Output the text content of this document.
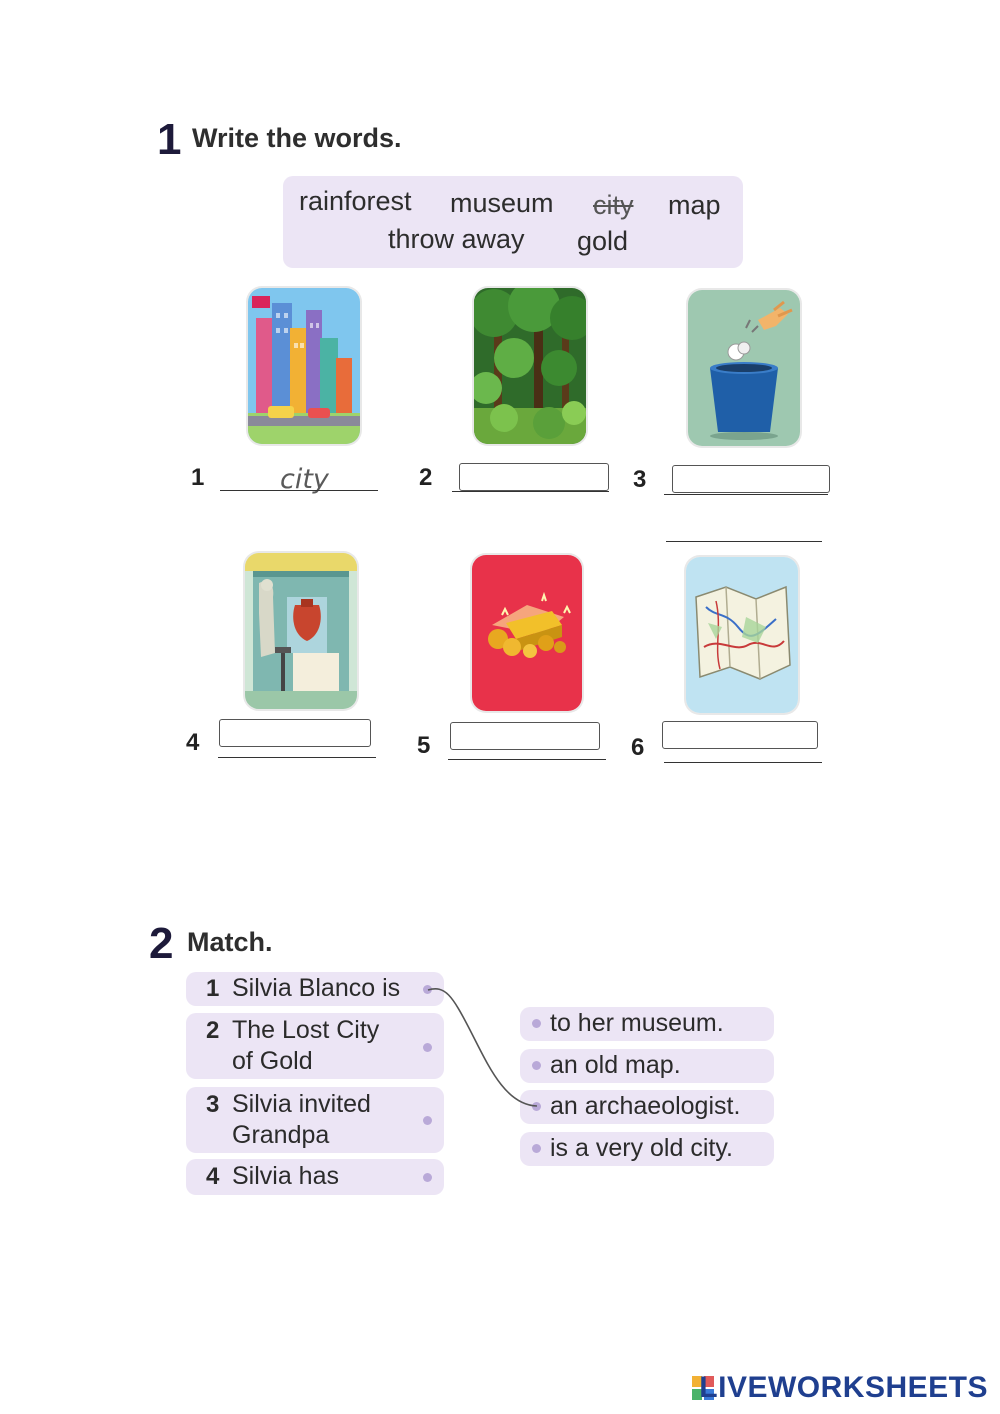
1 Write the words.
rainforest museum city map
throw away gold
1	city	2	3
4	5	6
2 Match.
1 Silvia Blanco is
2 The Lost City
of Gold
3 Silvia invited
Grandpa
4 Silvia has
to her museum.
an old map.
an archaeologist.
is a very old city.
LIVEWORKSHEETS
